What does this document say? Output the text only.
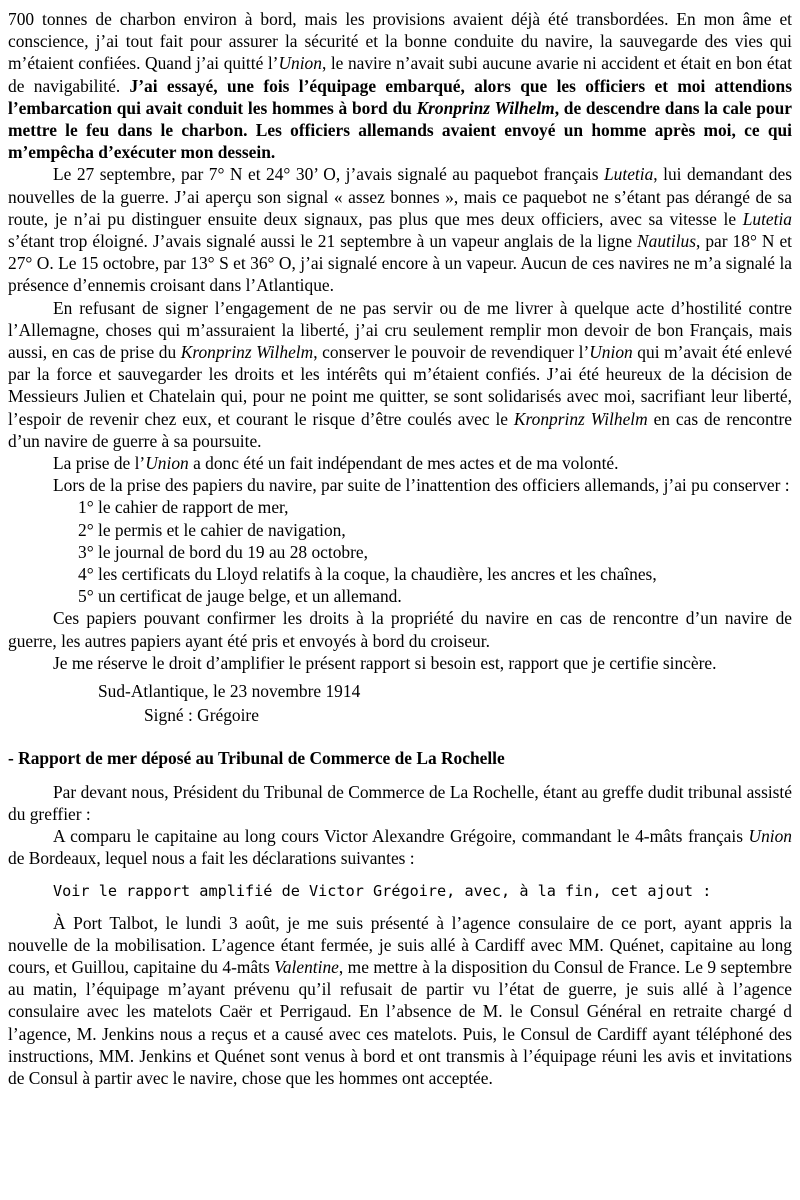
700 tonnes de charbon environ à bord, mais les provisions avaient déjà été transbordées. En mon âme et conscience, j’ai tout fait pour assurer la sécurité et la bonne conduite du navire, la sauvegarde des vies qui m’étaient confiées. Quand j’ai quitté l’Union, le navire n’avait subi aucune avarie ni accident et était en bon état de navigabilité. J’ai essayé, une fois l’équipage embarqué, alors que les officiers et moi attendions l’embarcation qui avait conduit les hommes à bord du Kronprinz Wilhelm, de descendre dans la cale pour mettre le feu dans le charbon. Les officiers allemands avaient envoyé un homme après moi, ce qui m’empêcha d’exécuter mon dessein.

Le 27 septembre, par 7° N et 24° 30’ O, j’avais signalé au paquebot français Lutetia, lui demandant des nouvelles de la guerre. J’ai aperçu son signal « assez bonnes », mais ce paquebot ne s’étant pas dérangé de sa route, je n’ai pu distinguer ensuite deux signaux, pas plus que mes deux officiers, avec sa vitesse le Lutetia s’étant trop éloigné. J’avais signalé aussi le 21 septembre à un vapeur anglais de la ligne Nautilus, par 18° N et 27° O. Le 15 octobre, par 13° S et 36° O, j’ai signalé encore à un vapeur. Aucun de ces navires ne m’a signalé la présence d’ennemis croisant dans l’Atlantique.

En refusant de signer l’engagement de ne pas servir ou de me livrer à quelque acte d’hostilité contre l’Allemagne, choses qui m’assuraient la liberté, j’ai cru seulement remplir mon devoir de bon Français, mais aussi, en cas de prise du Kronprinz Wilhelm, conserver le pouvoir de revendiquer l’Union qui m’avait été enlevé par la force et sauvegarder les droits et les intérêts qui m’étaient confiés. J’ai été heureux de la décision de Messieurs Julien et Chatelain qui, pour ne point me quitter, se sont solidarisés avec moi, sacrifiant leur liberté, l’espoir de revenir chez eux, et courant le risque d’être coulés avec le Kronprinz Wilhelm en cas de rencontre d’un navire de guerre à sa poursuite.

La prise de l’Union a donc été un fait indépendant de mes actes et de ma volonté.

Lors de la prise des papiers du navire, par suite de l’inattention des officiers allemands, j’ai pu conserver :

1° le cahier de rapport de mer,

2° le permis et le cahier de navigation,

3° le journal de bord du 19 au 28 octobre,

4° les certificats du Lloyd relatifs à la coque, la chaudière, les ancres et les chaînes,

5° un certificat de jauge belge, et un allemand.

Ces papiers pouvant confirmer les droits à la propriété du navire en cas de rencontre d’un navire de guerre, les autres papiers ayant été pris et envoyés à bord du croiseur.

Je me réserve le droit d’amplifier le présent rapport si besoin est, rapport que je certifie sincère.

Sud-Atlantique, le 23 novembre 1914

Signé : Grégoire

- Rapport de mer déposé au Tribunal de Commerce de La Rochelle

Par devant nous, Président du Tribunal de Commerce de La Rochelle, étant au greffe dudit tribunal assisté du greffier :

A comparu le capitaine au long cours Victor Alexandre Grégoire, commandant le 4-mâts français Union de Bordeaux, lequel nous a fait les déclarations suivantes :

Voir le rapport amplifié de Victor Grégoire, avec, à la fin, cet ajout :

À Port Talbot, le lundi 3 août, je me suis présenté à l’agence consulaire de ce port, ayant appris la nouvelle de la mobilisation. L’agence étant fermée, je suis allé à Cardiff avec MM. Quénet, capitaine au long cours, et Guillou, capitaine du 4-mâts Valentine, me mettre à la disposition du Consul de France. Le 9 septembre au matin, l’équipage m’ayant prévenu qu’il refusait de partir vu l’état de guerre, je suis allé à l’agence consulaire avec les matelots Caër et Perrigaud. En l’absence de M. le Consul Général en retraite chargé d l’agence, M. Jenkins nous a reçus et a causé avec ces matelots. Puis, le Consul de Cardiff ayant téléphoné des instructions, MM. Jenkins et Quénet sont venus à bord et ont transmis à l’équipage réuni les avis et invitations de Consul à partir avec le navire, chose que les hommes ont acceptée.
